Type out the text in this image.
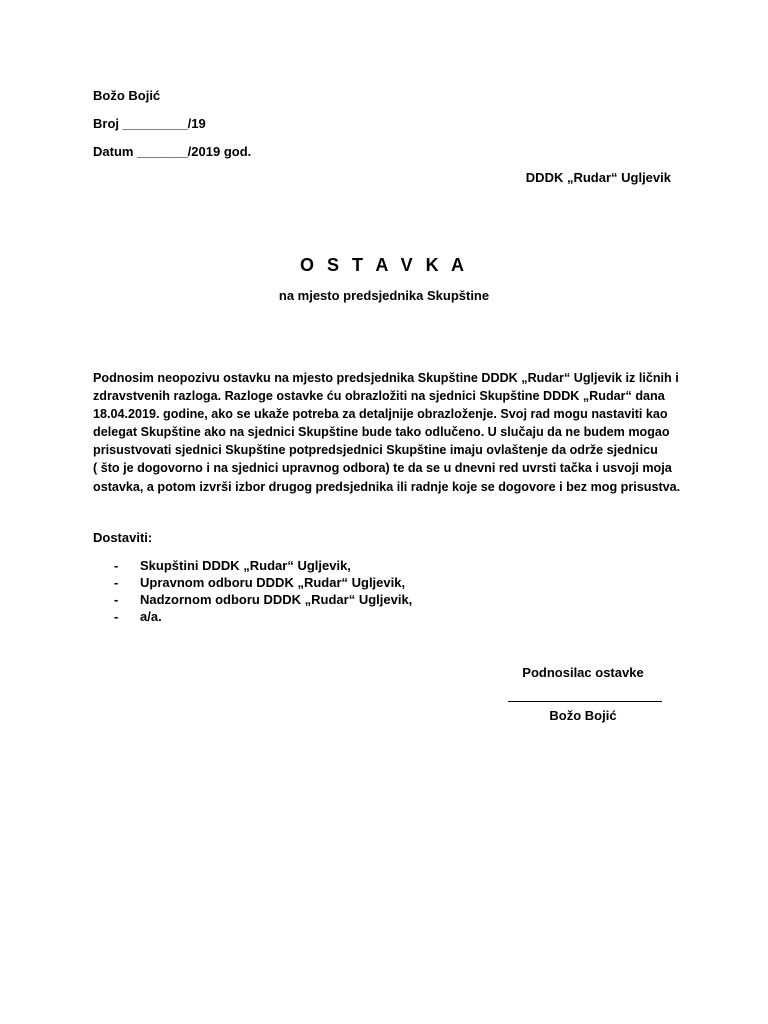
Božo Bojić
Broj _________/19
Datum _______/2019 god.
DDDK „Rudar“ Ugljevik
O S T A V K A
na mjesto predsjednika Skupštine
Podnosim neopozivu ostavku na mjesto predsjednika Skupštine DDDK „Rudar“ Ugljevik iz ličnih i
zdravstvenih razloga. Razloge ostavke ću obrazložiti na sjednici Skupštine DDDK „Rudar“ dana
18.04.2019. godine, ako se ukaže potreba za detaljnije obrazloženje. Svoj rad mogu nastaviti kao
delegat Skupštine ako na sjednici Skupštine bude tako odlučeno. U slučaju da ne budem mogao
prisustvovati sjednici Skupštine potpredsjednici Skupštine imaju ovlaštenje da održe sjednicu
( što je dogovorno i na sjednici upravnog odbora) te da se u dnevni red uvrsti tačka i usvoji moja
ostavka, a potom izvrši izbor drugog predsjednika ili radnje koje se dogovore i bez mog prisustva.
Dostaviti:
- Skupštini DDDK „Rudar“ Ugljevik,
- Upravnom odboru DDDK „Rudar“ Ugljevik,
- Nadzornom odboru DDDK „Rudar“ Ugljevik,
- a/a.
Podnosilac ostavke
Božo Bojić
